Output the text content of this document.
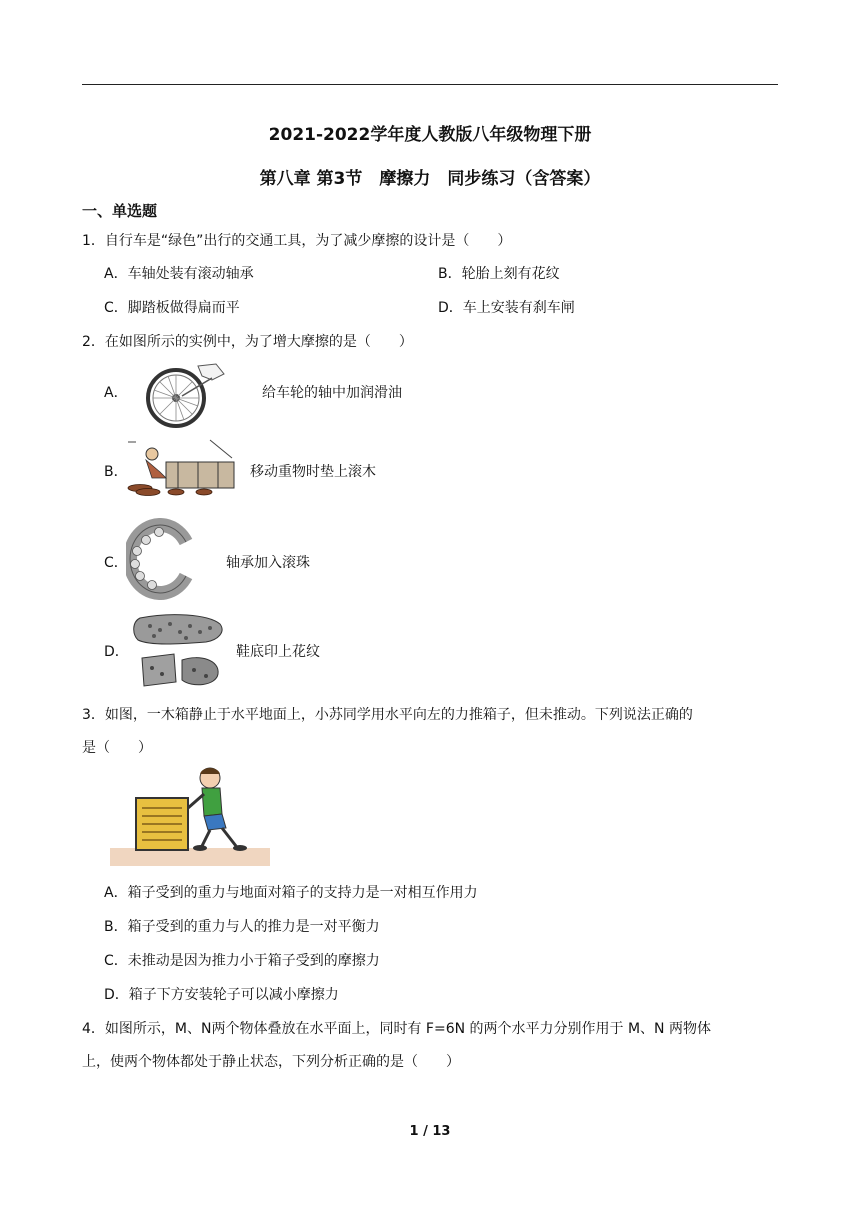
2021-2022学年度人教版八年级物理下册
第八章 第3节　摩擦力　同步练习（含答案）
一、单选题
1．自行车是“绿色”出行的交通工具，为了减少摩擦的设计是（　　）
A．车轴处装有滚动轴承	B．轮胎上刻有花纹
C．脚踏板做得扁而平	D．车上安装有刹车闸
2．在如图所示的实例中，为了增大摩擦的是（　　）
A．	给车轮的轴中加润滑油
B．	移动重物时垫上滚木
C．	轴承加入滚珠
D．	鞋底印上花纹
3．如图，一木箱静止于水平地面上，小苏同学用水平向左的力推箱子，但未推动。下列说法正确的
是（　　）
A．箱子受到的重力与地面对箱子的支持力是一对相互作用力
B．箱子受到的重力与人的推力是一对平衡力
C．未推动是因为推力小于箱子受到的摩擦力
D．箱子下方安装轮子可以减小摩擦力
4．如图所示，M、N两个物体叠放在水平面上，同时有 F=6N 的两个水平力分别作用于 M、N 两物体
上，使两个物体都处于静止状态，下列分析正确的是（　　）
1 / 13
